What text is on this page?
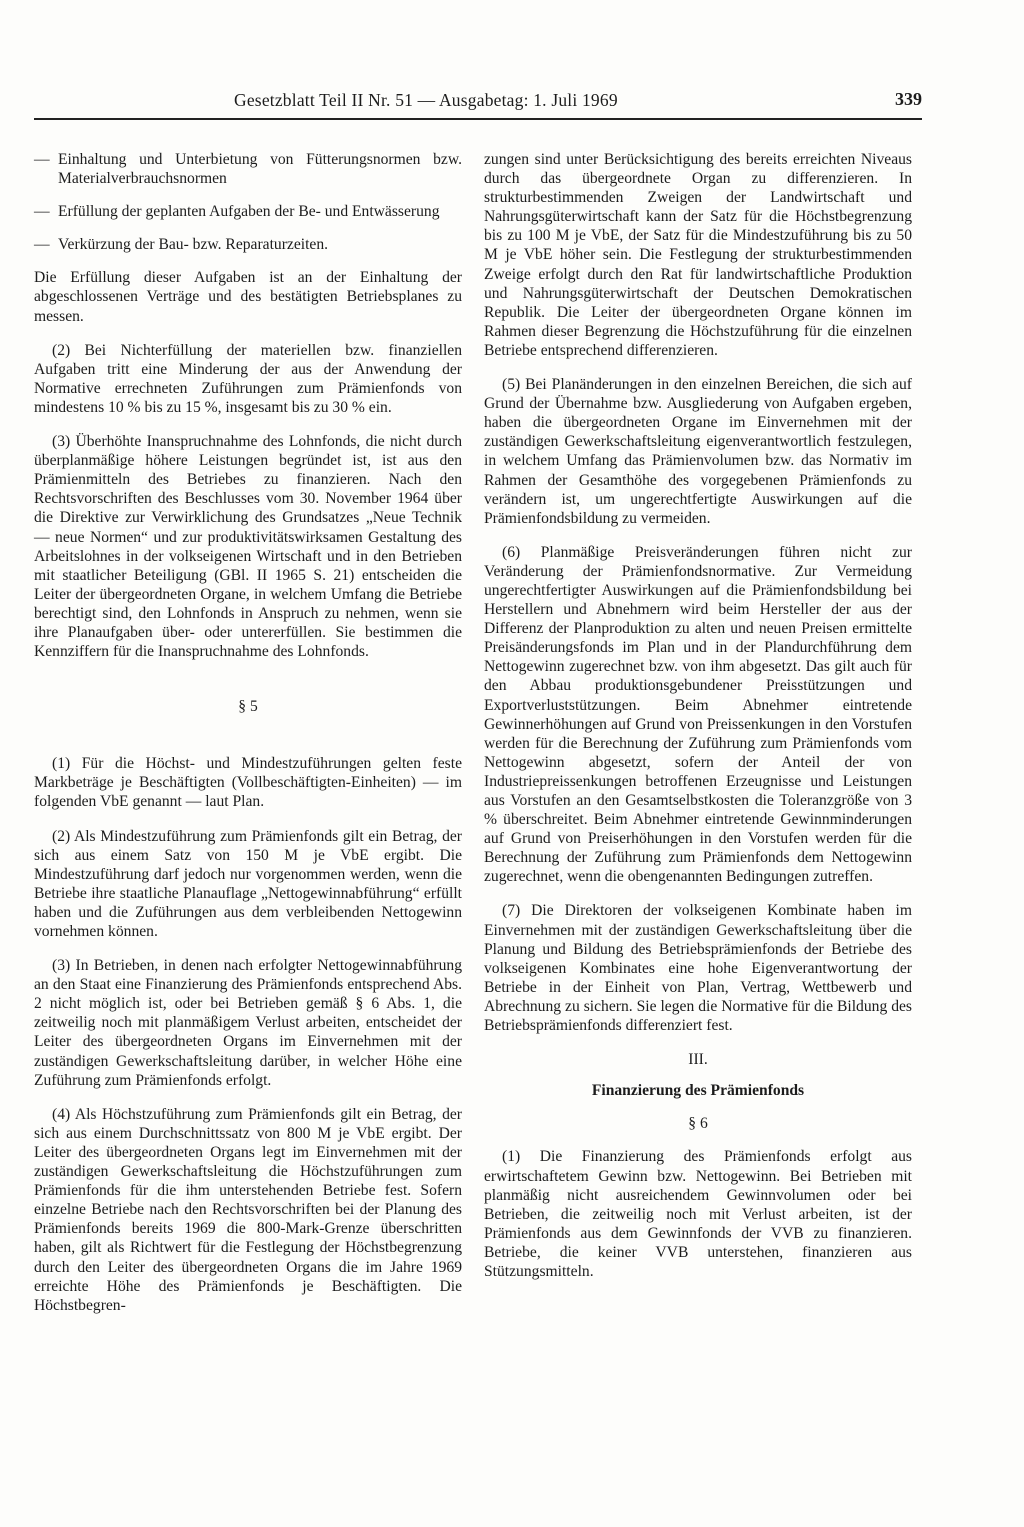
Gesetzblatt Teil II Nr. 51 — Ausgabetag: 1. Juli 1969	339
— Einhaltung und Unterbietung von Fütterungsnormen bzw. Materialverbrauchsnormen
— Erfüllung der geplanten Aufgaben der Be- und Entwässerung
— Verkürzung der Bau- bzw. Reparaturzeiten.

Die Erfüllung dieser Aufgaben ist an der Einhaltung der abgeschlossenen Verträge und des bestätigten Betriebsplanes zu messen.

(2) Bei Nichterfüllung der materiellen bzw. finanziellen Aufgaben tritt eine Minderung der aus der Anwendung der Normative errechneten Zuführungen zum Prämienfonds von mindestens 10 % bis zu 15 %, insgesamt bis zu 30 % ein.

(3) Überhöhte Inanspruchnahme des Lohnfonds, die nicht durch überplanmäßige höhere Leistungen begründet ist, ist aus den Prämienmitteln des Betriebes zu finanzieren. Nach den Rechtsvorschriften des Beschlusses vom 30. November 1964 über die Direktive zur Verwirklichung des Grundsatzes „Neue Technik — neue Normen“ und zur produktivitätswirksamen Gestaltung des Arbeitslohnes in der volkseigenen Wirtschaft und in den Betrieben mit staatlicher Beteiligung (GBl. II 1965 S. 21) entscheiden die Leiter der übergeordneten Organe, in welchem Umfang die Betriebe berechtigt sind, den Lohnfonds in Anspruch zu nehmen, wenn sie ihre Planaufgaben über- oder untererfüllen. Sie bestimmen die Kennziffern für die Inanspruchnahme des Lohnfonds.

§ 5

(1) Für die Höchst- und Mindestzuführungen gelten feste Markbeträge je Beschäftigten (Vollbeschäftigten-Einheiten) — im folgenden VbE genannt — laut Plan.

(2) Als Mindestzuführung zum Prämienfonds gilt ein Betrag, der sich aus einem Satz von 150 M je VbE ergibt. Die Mindestzuführung darf jedoch nur vorgenommen werden, wenn die Betriebe ihre staatliche Planauflage „Nettogewinnabführung“ erfüllt haben und die Zuführungen aus dem verbleibenden Nettogewinn vornehmen können.

(3) In Betrieben, in denen nach erfolgter Nettogewinnabführung an den Staat eine Finanzierung des Prämienfonds entsprechend Abs. 2 nicht möglich ist, oder bei Betrieben gemäß § 6 Abs. 1, die zeitweilig noch mit planmäßigem Verlust arbeiten, entscheidet der Leiter des übergeordneten Organs im Einvernehmen mit der zuständigen Gewerkschaftsleitung darüber, in welcher Höhe eine Zuführung zum Prämienfonds erfolgt.

(4) Als Höchstzuführung zum Prämienfonds gilt ein Betrag, der sich aus einem Durchschnittssatz von 800 M je VbE ergibt. Der Leiter des übergeordneten Organs legt im Einvernehmen mit der zuständigen Gewerkschaftsleitung die Höchstzuführungen zum Prämienfonds für die ihm unterstehenden Betriebe fest. Sofern einzelne Betriebe nach den Rechtsvorschriften bei der Planung des Prämienfonds bereits 1969 die 800-Mark-Grenze überschritten haben, gilt als Richtwert für die Festlegung der Höchstbegrenzung durch den Leiter des übergeordneten Organs die im Jahre 1969 erreichte Höhe des Prämienfonds je Beschäftigten. Die Höchstbegren-

zungen sind unter Berücksichtigung des bereits erreichten Niveaus durch das übergeordnete Organ zu differenzieren. In strukturbestimmenden Zweigen der Landwirtschaft und Nahrungsgüterwirtschaft kann der Satz für die Höchstbegrenzung bis zu 100 M je VbE, der Satz für die Mindestzuführung bis zu 50 M je VbE höher sein. Die Festlegung der strukturbestimmenden Zweige erfolgt durch den Rat für landwirtschaftliche Produktion und Nahrungsgüterwirtschaft der Deutschen Demokratischen Republik. Die Leiter der übergeordneten Organe können im Rahmen dieser Begrenzung die Höchstzuführung für die einzelnen Betriebe entsprechend differenzieren.

(5) Bei Planänderungen in den einzelnen Bereichen, die sich auf Grund der Übernahme bzw. Ausgliederung von Aufgaben ergeben, haben die übergeordneten Organe im Einvernehmen mit der zuständigen Gewerkschaftsleitung eigenverantwortlich festzulegen, in welchem Umfang das Prämienvolumen bzw. das Normativ im Rahmen der Gesamthöhe des vorgegebenen Prämienfonds zu verändern ist, um ungerechtfertigte Auswirkungen auf die Prämienfondsbildung zu vermeiden.

(6) Planmäßige Preisveränderungen führen nicht zur Veränderung der Prämienfondsnormative. Zur Vermeidung ungerechtfertigter Auswirkungen auf die Prämienfondsbildung bei Herstellern und Abnehmern wird beim Hersteller der aus der Differenz der Planproduktion zu alten und neuen Preisen ermittelte Preisänderungsfonds im Plan und in der Plandurchführung dem Nettogewinn zugerechnet bzw. von ihm abgesetzt. Das gilt auch für den Abbau produktionsgebundener Preisstützungen und Exportverluststützungen. Beim Abnehmer eintretende Gewinnerhöhungen auf Grund von Preissenkungen in den Vorstufen werden für die Berechnung der Zuführung zum Prämienfonds vom Nettogewinn abgesetzt, sofern der Anteil der von Industriepreissenkungen betroffenen Erzeugnisse und Leistungen aus Vorstufen an den Gesamtselbstkosten die Toleranzgröße von 3 % überschreitet. Beim Abnehmer eintretende Gewinnminderungen auf Grund von Preiserhöhungen in den Vorstufen werden für die Berechnung der Zuführung zum Prämienfonds dem Nettogewinn zugerechnet, wenn die obengenannten Bedingungen zutreffen.

(7) Die Direktoren der volkseigenen Kombinate haben im Einvernehmen mit der zuständigen Gewerkschaftsleitung über die Planung und Bildung des Betriebsprämienfonds der Betriebe des volkseigenen Kombinates eine hohe Eigenverantwortung der Betriebe in der Einheit von Plan, Vertrag, Wettbewerb und Abrechnung zu sichern. Sie legen die Normative für die Bildung des Betriebsprämienfonds differenziert fest.

III.
Finanzierung des Prämienfonds
§ 6

(1) Die Finanzierung des Prämienfonds erfolgt aus erwirtschaftetem Gewinn bzw. Nettogewinn. Bei Betrieben mit planmäßig nicht ausreichendem Gewinnvolumen oder bei Betrieben, die zeitweilig noch mit Verlust arbeiten, ist der Prämienfonds aus dem Gewinnfonds der VVB zu finanzieren. Betriebe, die keiner VVB unterstehen, finanzieren aus Stützungsmitteln.
